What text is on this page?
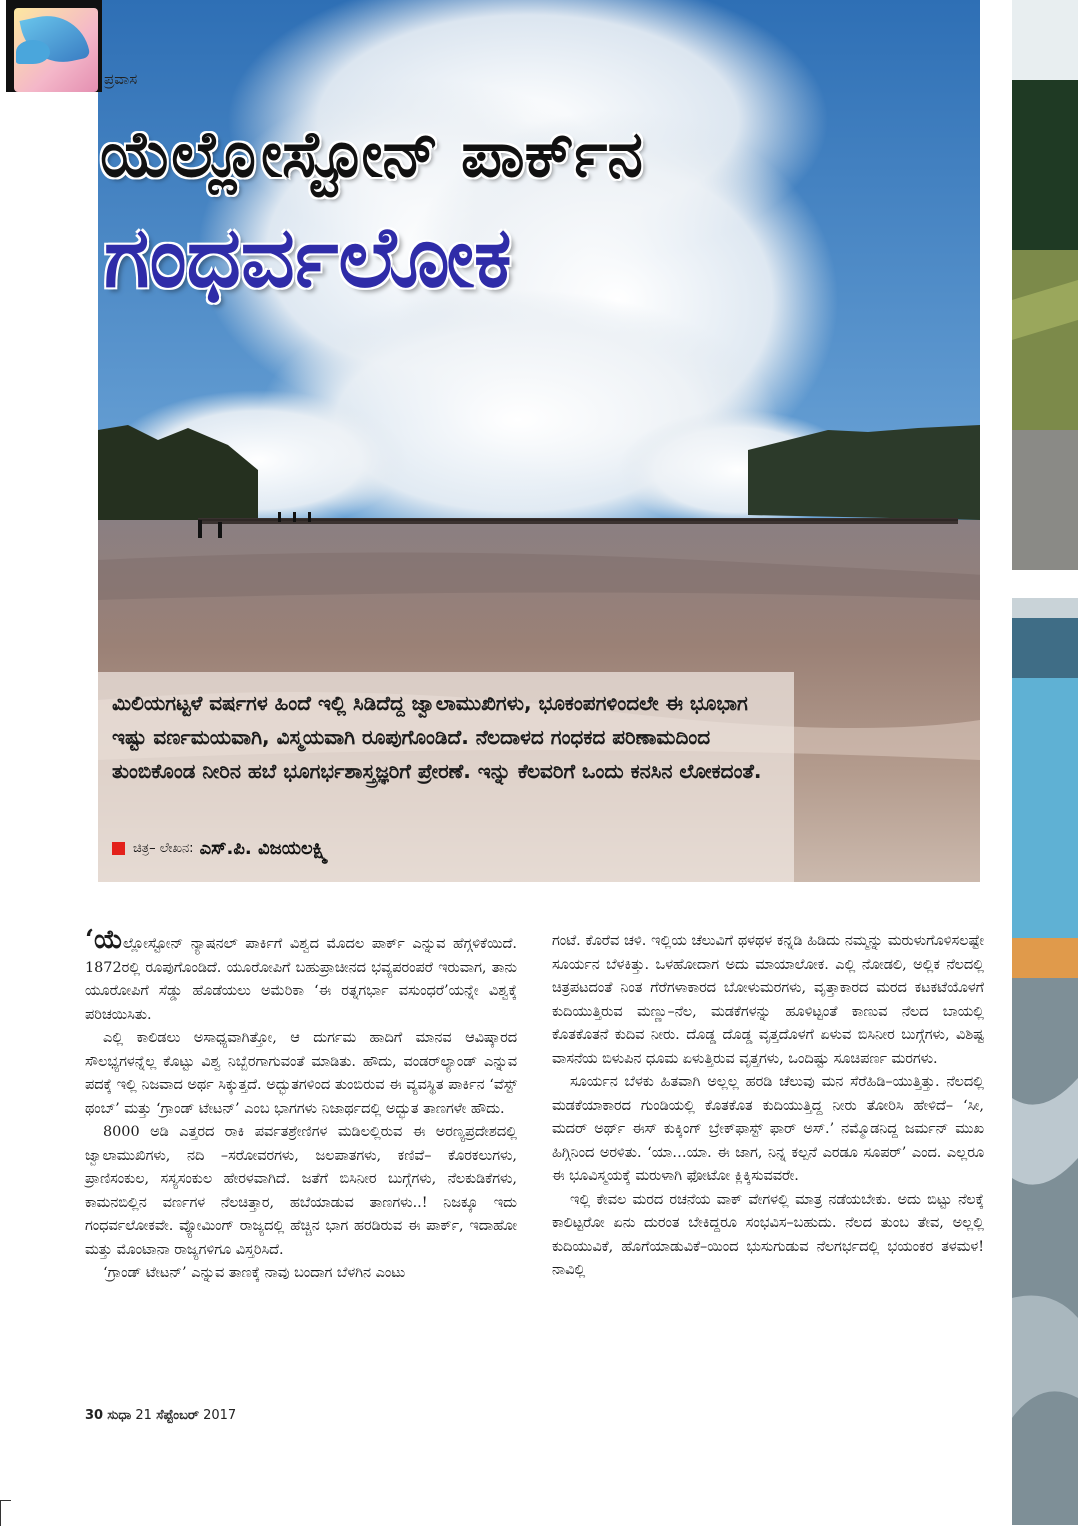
ಪ್ರವಾಸ
ಯೆಲ್ಲೋಸ್ಟೋನ್ ಪಾರ್ಕ್‌ನ
ಗಂಧರ್ವಲೋಕ
ಮಿಲಿಯಗಟ್ಟಳೆ ವರ್ಷಗಳ ಹಿಂದೆ ಇಲ್ಲಿ ಸಿಡಿದೆದ್ದ ಜ್ವಾಲಾಮುಖಿಗಳು, ಭೂಕಂಪಗಳಿಂದಲೇ ಈ ಭೂಭಾಗ ಇಷ್ಟು ವರ್ಣಮಯವಾಗಿ, ವಿಸ್ಮಯವಾಗಿ ರೂಪುಗೊಂಡಿದೆ. ನೆಲದಾಳದ ಗಂಧಕದ ಪರಿಣಾಮದಿಂದ ತುಂಬಿಕೊಂಡ ನೀರಿನ ಹಬೆ ಭೂಗರ್ಭಶಾಸ್ತ್ರಜ್ಞರಿಗೆ ಪ್ರೇರಣೆ. ಇನ್ನು ಕೆಲವರಿಗೆ ಒಂದು ಕನಸಿನ ಲೋಕದಂತೆ.
ಚಿತ್ರ– ಲೇಖನ: ಎಸ್.ಪಿ. ವಿಜಯಲಕ್ಷ್ಮಿ

‘ಯೆಲ್ಲೋಸ್ಟೋನ್ ನ್ಯಾಷನಲ್ ಪಾರ್ಕಿಗೆ ವಿಶ್ವದ ಮೊದಲ ಪಾರ್ಕ್ ಎನ್ನುವ ಹೆಗ್ಗಳಿಕೆಯಿದೆ. 1872ರಲ್ಲಿ ರೂಪುಗೊಂಡಿದೆ. ಯೂರೋಪಿಗೆ ಬಹುಪ್ರಾಚೀನದ ಭವ್ಯಪರಂಪರೆ ಇರುವಾಗ, ತಾನು ಯೂರೋಪಿಗೆ ಸೆಡ್ಡು ಹೊಡೆಯಲು ಅಮೆರಿಕಾ ‘ಈ ರತ್ನಗರ್ಭಾ ವಸುಂಧರೆ’ಯನ್ನೇ ವಿಶ್ವಕ್ಕೆ ಪರಿಚಯಿಸಿತು.

ಎಲ್ಲಿ ಕಾಲಿಡಲು ಅಸಾಧ್ಯವಾಗಿತ್ತೋ, ಆ ದುರ್ಗಮ ಹಾದಿಗೆ ಮಾನವ ಆವಿಷ್ಕಾರದ ಸೌಲಭ್ಯಗಳನ್ನೆಲ್ಲ ಕೊಟ್ಟು ವಿಶ್ವ ನಿಬ್ಬೆರಗಾಗುವಂತೆ ಮಾಡಿತು. ಹೌದು, ವಂಡರ್‌ಲ್ಯಾಂಡ್ ಎನ್ನುವ ಪದಕ್ಕೆ ಇಲ್ಲಿ ನಿಜವಾದ ಅರ್ಥ ಸಿಕ್ಕುತ್ತದೆ. ಅದ್ಭುತಗಳಿಂದ ತುಂಬಿರುವ ಈ ವ್ಯವಸ್ಥಿತ ಪಾರ್ಕಿನ ‘ವೆಸ್ಟ್ ಥಂಬ್’ ಮತ್ತು ‘ಗ್ರಾಂಡ್ ಟೇಟನ್’ ಎಂಬ ಭಾಗಗಳು ನಿಜಾರ್ಥದಲ್ಲಿ ಅದ್ಭುತ ತಾಣಗಳೇ ಹೌದು.

8000 ಅಡಿ ಎತ್ತರದ ರಾಕಿ ಪರ್ವತಶ್ರೇಣಿಗಳ ಮಡಿಲಲ್ಲಿರುವ ಈ ಅರಣ್ಯಪ್ರದೇಶದಲ್ಲಿ ಜ್ವಾಲಾಮುಖಿಗಳು, ನದಿ –ಸರೋವರಗಳು, ಜಲಪಾತಗಳು, ಕಣಿವೆ– ಕೊರಕಲುಗಳು, ಪ್ರಾಣಿಸಂಕುಲ, ಸಸ್ಯಸಂಕುಲ ಹೇರಳವಾಗಿದೆ. ಜತೆಗೆ ಬಿಸಿನೀರ ಬುಗ್ಗೆಗಳು, ನೆಲಕುಡಿಕೆಗಳು, ಕಾಮನಬಿಲ್ಲಿನ ವರ್ಣಗಳ ನೆಲಚಿತ್ತಾರ, ಹಬೆಯಾಡುವ ತಾಣಗಳು..! ನಿಜಕ್ಕೂ ಇದು ಗಂಧರ್ವಲೋಕವೇ. ವ್ಯೋಮಿಂಗ್ ರಾಜ್ಯದಲ್ಲಿ ಹೆಚ್ಚಿನ ಭಾಗ ಹರಡಿರುವ ಈ ಪಾರ್ಕ್, ಇದಾಹೋ ಮತ್ತು ಮೊಂಟಾನಾ ರಾಜ್ಯಗಳಿಗೂ ವಿಸ್ತರಿಸಿದೆ.

‘ಗ್ರಾಂಡ್ ಟೇಟನ್’ ಎನ್ನುವ ತಾಣಕ್ಕೆ ನಾವು ಬಂದಾಗ ಬೆಳಗಿನ ಎಂಟು

ಗಂಟೆ. ಕೊರೆವ ಚಳಿ. ಇಲ್ಲಿಯ ಚೆಲುವಿಗೆ ಥಳಥಳ ಕನ್ನಡಿ ಹಿಡಿದು ನಮ್ಮನ್ನು ಮರುಳುಗೊಳಿಸಲಷ್ಟೇ ಸೂರ್ಯನ ಬೆಳಕಿತ್ತು. ಒಳಹೋದಾಗ ಅದು ಮಾಯಾಲೋಕ. ಎಲ್ಲಿ ನೋಡಲಿ, ಅಲ್ಲಿಕ ನೆಲದಲ್ಲಿ ಚಿತ್ರಪಟದಂತೆ ನಿಂತ ಗೆರೆಗಳಾಕಾರದ ಬೋಳುಮರಗಳು, ವೃತ್ತಾಕಾರದ ಮರದ ಕಟಕಟೆಯೊಳಗೆ ಕುದಿಯುತ್ತಿರುವ ಮಣ್ಣು–ನೆಲ, ಮಡಕೆಗಳನ್ನು ಹೂಳಿಟ್ಟಂತೆ ಕಾಣುವ ನೆಲದ ಬಾಯಲ್ಲಿ ಕೊತಕೊತನೆ ಕುದಿವ ನೀರು. ದೊಡ್ಡ ದೊಡ್ಡ ವೃತ್ತದೊಳಗೆ ಏಳುವ ಬಿಸಿನೀರ ಬುಗ್ಗೆಗಳು, ವಿಶಿಷ್ಟ ವಾಸನೆಯ ಬಿಳುಪಿನ ಧೂಮ ಏಳುತ್ತಿರುವ ವೃತ್ತಗಳು, ಒಂದಿಷ್ಟು ಸೂಚಿಪರ್ಣ ಮರಗಳು.

ಸೂರ್ಯನ ಬೆಳಕು ಹಿತವಾಗಿ ಅಲ್ಲಲ್ಲ ಹರಡಿ ಚೆಲುವು ಮನ ಸೆರೆಹಿಡಿ–ಯುತ್ತಿತ್ತು. ನೆಲದಲ್ಲಿ ಮಡಕೆಯಾಕಾರದ ಗುಂಡಿಯಲ್ಲಿ ಕೊತಕೊತ ಕುದಿಯುತ್ತಿದ್ದ ನೀರು ತೋರಿಸಿ ಹೇಳಿದೆ– ‘ಸೀ, ಮದರ್ ಅರ್ಥ್ ಈಸ್ ಕುಕ್ಕಿಂಗ್ ಬ್ರೇಕ್‌ಫಾಸ್ಟ್ ಫಾರ್ ಅಸ್.’ ನಮ್ಮೊಡನಿದ್ದ ಜರ್ಮನ್ ಮುಖ ಹಿಗ್ಗಿನಿಂದ ಅರಳಿತು. ‘ಯಾ…ಯಾ. ಈ ಜಾಗ, ನಿನ್ನ ಕಲ್ಪನೆ ಎರಡೂ ಸೂಪರ್’ ಎಂದ. ಎಲ್ಲರೂ ಈ ಭೂವಿಸ್ಮಯಕ್ಕೆ ಮರುಳಾಗಿ ಫೋಟೋ ಕ್ಲಿಕ್ಕಿಸುವವರೇ.

ಇಲ್ಲಿ ಕೇವಲ ಮರದ ರಚನೆಯ ವಾಕ್ ವೇಗಳಲ್ಲಿ ಮಾತ್ರ ನಡೆಯಬೇಕು. ಅದು ಬಿಟ್ಟು ನೆಲಕ್ಕೆ ಕಾಲಿಟ್ಟರೋ ಏನು ದುರಂತ ಬೇಕಿದ್ದರೂ ಸಂಭವಿಸ–ಬಹುದು. ನೆಲದ ತುಂಬ ತೇವ, ಅಲ್ಲಲ್ಲಿ ಕುದಿಯುವಿಕೆ, ಹೊಗೆಯಾಡುವಿಕೆ–ಯಿಂದ ಭುಸುಗುಡುವ ನೆಲಗರ್ಭದಲ್ಲಿ ಭಯಂಕರ ತಳಮಳ! ನಾವಿಲ್ಲಿ

30 ಸುಧಾ 21 ಸೆಪ್ಟೆಂಬರ್ 2017
